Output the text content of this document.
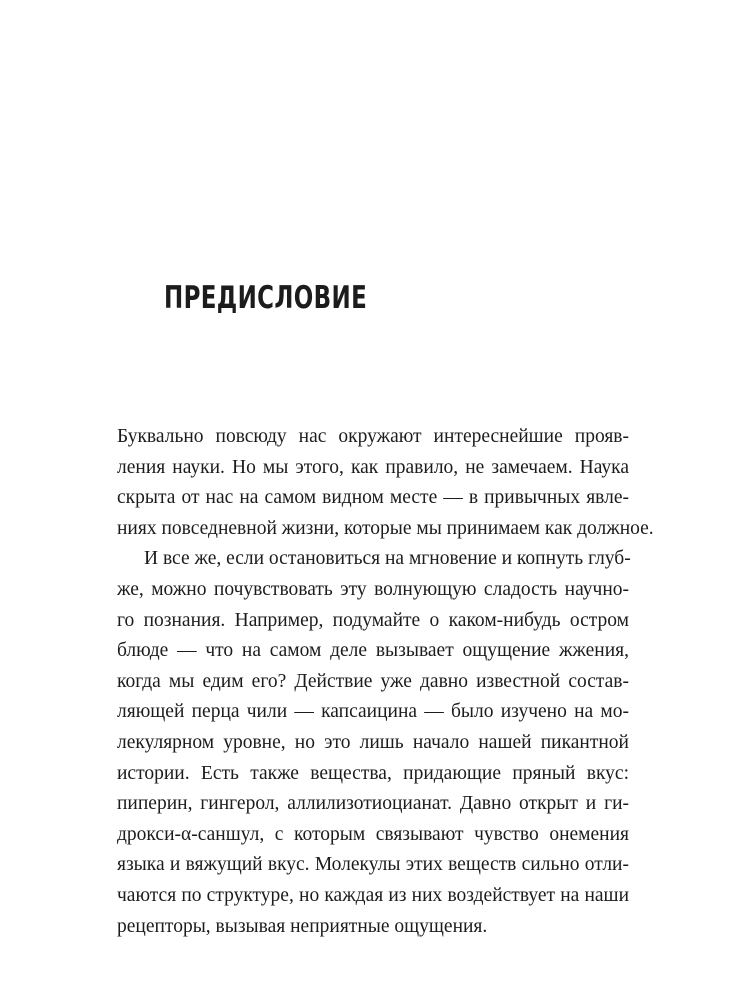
ПРЕДИСЛОВИЕ

Буквально повсюду нас окружают интереснейшие прояв-
ления науки. Но мы этого, как правило, не замечаем. Наука
скрыта от нас на самом видном месте — в привычных явле-
ниях повседневной жизни, которые мы принимаем как должное.

И все же, если остановиться на мгновение и копнуть глуб-
же, можно почувствовать эту волнующую сладость научно-
го познания. Например, подумайте о каком-нибудь остром
блюде — что на самом деле вызывает ощущение жжения,
когда мы едим его? Действие уже давно известной состав-
ляющей перца чили — капсаицина — было изучено на мо-
лекулярном уровне, но это лишь начало нашей пикантной
истории. Есть также вещества, придающие пряный вкус:
пиперин, гингерол, аллилизотиоцианат. Давно открыт и ги-
дрокси-α-саншул, с которым связывают чувство онемения
языка и вяжущий вкус. Молекулы этих веществ сильно отли-
чаются по структуре, но каждая из них воздействует на наши
рецепторы, вызывая неприятные ощущения.
